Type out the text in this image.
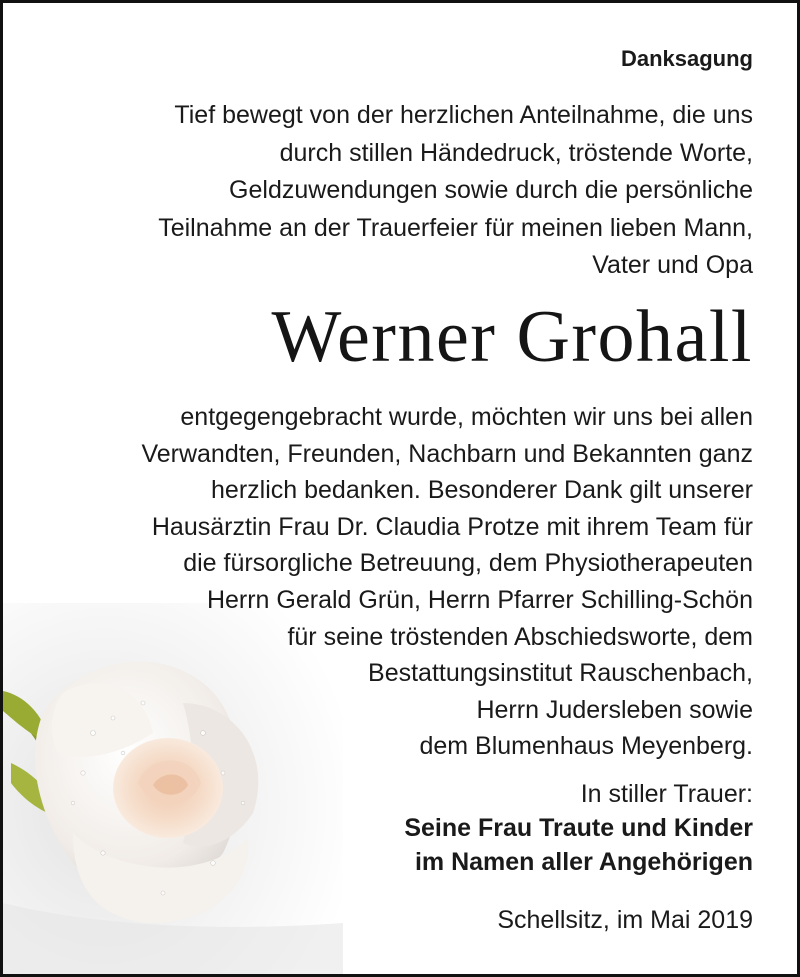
Danksagung
Tief bewegt von der herzlichen Anteilnahme, die uns
durch stillen Händedruck, tröstende Worte,
Geldzuwendungen sowie durch die persönliche
Teilnahme an der Trauerfeier für meinen lieben Mann,
Vater und Opa
Werner Grohall
entgegengebracht wurde, möchten wir uns bei allen
Verwandten, Freunden, Nachbarn und Bekannten ganz
herzlich bedanken. Besonderer Dank gilt unserer
Hausärztin Frau Dr. Claudia Protze mit ihrem Team für
die fürsorgliche Betreuung, dem Physiotherapeuten
Herrn Gerald Grün, Herrn Pfarrer Schilling-Schön
für seine tröstenden Abschiedsworte, dem
Bestattungsinstitut Rauschenbach,
Herrn Judersleben sowie
dem Blumenhaus Meyenberg.
In stiller Trauer:
Seine Frau Traute und Kinder
im Namen aller Angehörigen
Schellsitz, im Mai 2019
